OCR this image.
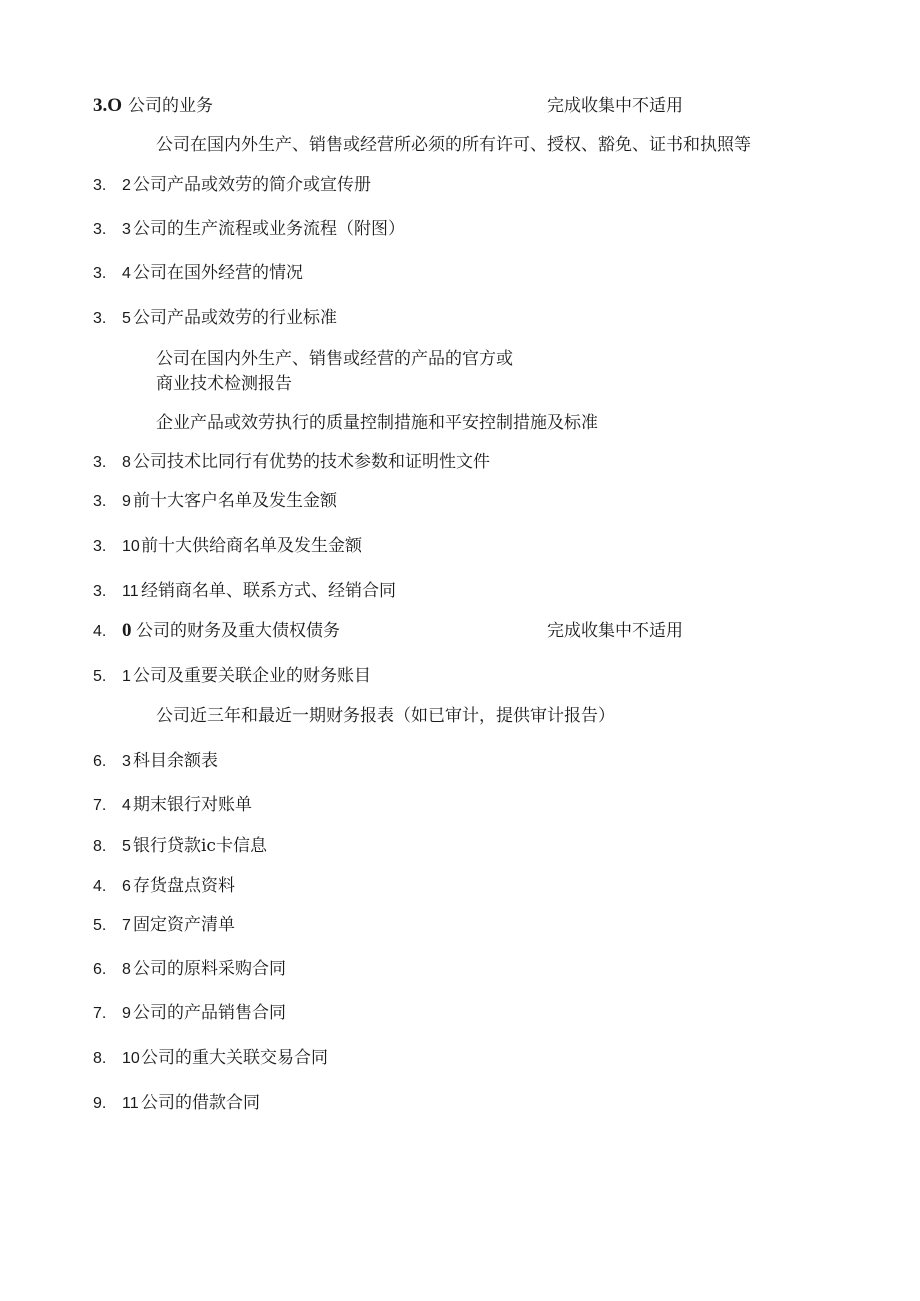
3.O 公司的业务	完成收集中不适用
公司在国内外生产、销售或经营所必须的所有许可、授权、豁免、证书和执照等
3. 2 公司产品或效劳的简介或宣传册
3. 3 公司的生产流程或业务流程（附图）
3. 4 公司在国外经营的情况
3. 5 公司产品或效劳的行业标准
公司在国内外生产、销售或经营的产品的官方或
商业技术检测报告
企业产品或效劳执行的质量控制措施和平安控制措施及标准
3. 8 公司技术比同行有优势的技术参数和证明性文件
3. 9 前十大客户名单及发生金额
3. 10 前十大供给商名单及发生金额
3. 11 经销商名单、联系方式、经销合同
4. 0 公司的财务及重大债权债务	完成收集中不适用
5. 1 公司及重要关联企业的财务账目
公司近三年和最近一期财务报表（如已审计，提供审计报告）
6. 3 科目余额表
7. 4 期末银行对账单
8. 5 银行贷款ic卡信息
4. 6 存货盘点资料
5. 7 固定资产清单
6. 8 公司的原料采购合同
7. 9 公司的产品销售合同
8. 10 公司的重大关联交易合同
9. 11 公司的借款合同
